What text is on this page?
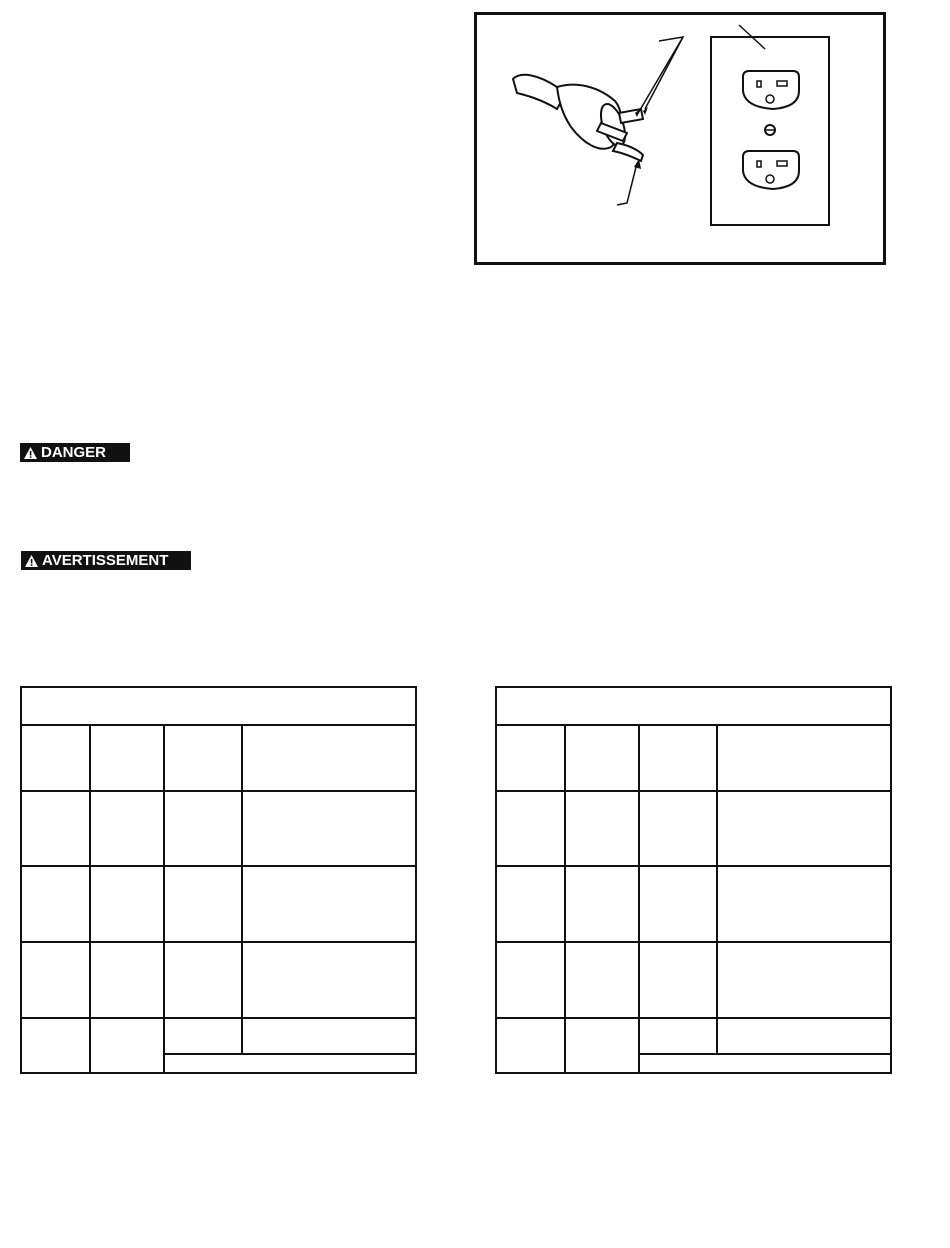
DANGER
AVERTISSEMENT
